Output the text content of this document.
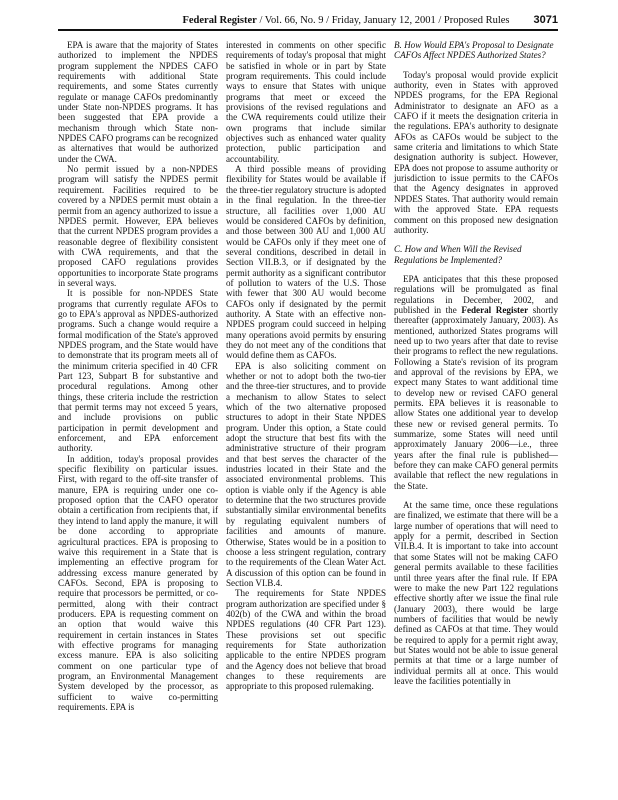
Federal Register / Vol. 66, No. 9 / Friday, January 12, 2001 / Proposed Rules 3071

EPA is aware that the majority of States authorized to implement the NPDES program supplement the NPDES CAFO requirements with additional State requirements, and some States currently regulate or manage CAFOs predominantly under State non-NPDES programs. It has been suggested that EPA provide a mechanism through which State non-NPDES CAFO programs can be recognized as alternatives that would be authorized under the CWA.

No permit issued by a non-NPDES program will satisfy the NPDES permit requirement. Facilities required to be covered by a NPDES permit must obtain a permit from an agency authorized to issue a NPDES permit. However, EPA believes that the current NPDES program provides a reasonable degree of flexibility consistent with CWA requirements, and that the proposed CAFO regulations provides opportunities to incorporate State programs in several ways.

It is possible for non-NPDES State programs that currently regulate AFOs to go to EPA's approval as NPDES-authorized programs. Such a change would require a formal modification of the State's approved NPDES program, and the State would have to demonstrate that its program meets all of the minimum criteria specified in 40 CFR Part 123, Subpart B for substantive and procedural regulations. Among other things, these criteria include the restriction that permit terms may not exceed 5 years, and include provisions on public participation in permit development and enforcement, and EPA enforcement authority.

In addition, today's proposal provides specific flexibility on particular issues. First, with regard to the off-site transfer of manure, EPA is requiring under one co-proposed option that the CAFO operator obtain a certification from recipients that, if they intend to land apply the manure, it will be done according to appropriate agricultural practices. EPA is proposing to waive this requirement in a State that is implementing an effective program for addressing excess manure generated by CAFOs. Second, EPA is proposing to require that processors be permitted, or co-permitted, along with their contract producers. EPA is requesting comment on an option that would waive this requirement in certain instances in States with effective programs for managing excess manure. EPA is also soliciting comment on one particular type of program, an Environmental Management System developed by the processor, as sufficient to waive co-permitting requirements. EPA is

interested in comments on other specific requirements of today's proposal that might be satisfied in whole or in part by State program requirements. This could include ways to ensure that States with unique programs that meet or exceed the provisions of the revised regulations and the CWA requirements could utilize their own programs that include similar objectives such as enhanced water quality protection, public participation and accountability.

A third possible means of providing flexibility for States would be available if the three-tier regulatory structure is adopted in the final regulation. In the three-tier structure, all facilities over 1,000 AU would be considered CAFOs by definition, and those between 300 AU and 1,000 AU would be CAFOs only if they meet one of several conditions, described in detail in Section VII.B.3, or if designated by the permit authority as a significant contributor of pollution to waters of the U.S. Those with fewer that 300 AU would become CAFOs only if designated by the permit authority. A State with an effective non-NPDES program could succeed in helping many operations avoid permits by ensuring they do not meet any of the conditions that would define them as CAFOs.

EPA is also soliciting comment on whether or not to adopt both the two-tier and the three-tier structures, and to provide a mechanism to allow States to select which of the two alternative proposed structures to adopt in their State NPDES program. Under this option, a State could adopt the structure that best fits with the administrative structure of their program and that best serves the character of the industries located in their State and the associated environmental problems. This option is viable only if the Agency is able to determine that the two structures provide substantially similar environmental benefits by regulating equivalent numbers of facilities and amounts of manure. Otherwise, States would be in a position to choose a less stringent regulation, contrary to the requirements of the Clean Water Act. A discussion of this option can be found in Section VI.B.4.

The requirements for State NPDES program authorization are specified under § 402(b) of the CWA and within the broad NPDES regulations (40 CFR Part 123). These provisions set out specific requirements for State authorization applicable to the entire NPDES program and the Agency does not believe that broad changes to these requirements are appropriate to this proposed rulemaking.

B. How Would EPA's Proposal to Designate CAFOs Affect NPDES Authorized States?

Today's proposal would provide explicit authority, even in States with approved NPDES programs, for the EPA Regional Administrator to designate an AFO as a CAFO if it meets the designation criteria in the regulations. EPA's authority to designate AFOs as CAFOs would be subject to the same criteria and limitations to which State designation authority is subject. However, EPA does not propose to assume authority or jurisdiction to issue permits to the CAFOs that the Agency designates in approved NPDES States. That authority would remain with the approved State. EPA requests comment on this proposed new designation authority.

C. How and When Will the Revised Regulations be Implemented?

EPA anticipates that this these proposed regulations will be promulgated as final regulations in December, 2002, and published in the Federal Register shortly thereafter (approximately January, 2003). As mentioned, authorized States programs will need up to two years after that date to revise their programs to reflect the new regulations. Following a State's revision of its program and approval of the revisions by EPA, we expect many States to want additional time to develop new or revised CAFO general permits. EPA believes it is reasonable to allow States one additional year to develop these new or revised general permits. To summarize, some States will need until approximately January 2006—i.e., three years after the final rule is published—before they can make CAFO general permits available that reflect the new regulations in the State.

At the same time, once these regulations are finalized, we estimate that there will be a large number of operations that will need to apply for a permit, described in Section VII.B.4. It is important to take into account that some States will not be making CAFO general permits available to these facilities until three years after the final rule. If EPA were to make the new Part 122 regulations effective shortly after we issue the final rule (January 2003), there would be large numbers of facilities that would be newly defined as CAFOs at that time. They would be required to apply for a permit right away, but States would not be able to issue general permits at that time or a large number of individual permits all at once. This would leave the facilities potentially in
